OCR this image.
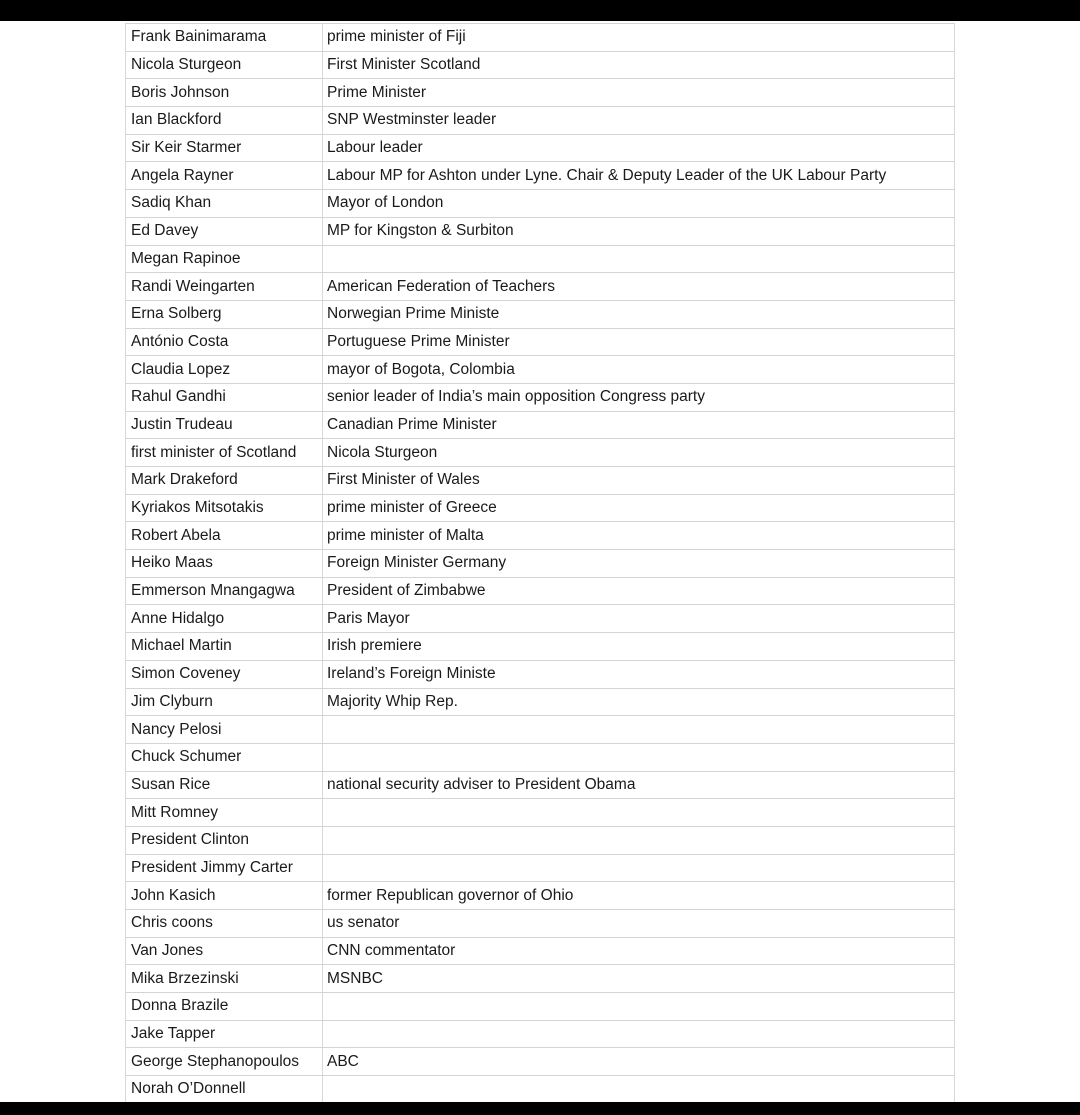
Frank Bainimarama	prime minister of Fiji
Nicola Sturgeon	First Minister Scotland
Boris Johnson	Prime Minister
Ian Blackford	SNP Westminster leader
Sir Keir Starmer	Labour leader
Angela Rayner	Labour MP for Ashton under Lyne. Chair & Deputy Leader of the UK Labour Party
Sadiq Khan	Mayor of London
Ed Davey	MP for Kingston & Surbiton
Megan Rapinoe	
Randi Weingarten	American Federation of Teachers
Erna Solberg	Norwegian Prime Ministe
António Costa	Portuguese Prime Minister
Claudia Lopez	mayor of Bogota, Colombia
Rahul Gandhi	senior leader of India’s main opposition Congress party
Justin Trudeau	Canadian Prime Minister
first minister of Scotland	Nicola Sturgeon
Mark Drakeford	First Minister of Wales
Kyriakos Mitsotakis	prime minister of Greece
Robert Abela	prime minister of Malta
Heiko Maas	Foreign Minister Germany
Emmerson Mnangagwa	President of Zimbabwe
Anne Hidalgo	Paris Mayor
Michael Martin	Irish premiere
Simon Coveney	Ireland’s Foreign Ministe
Jim Clyburn	Majority Whip Rep.
Nancy Pelosi	
Chuck Schumer	
Susan Rice	national security adviser to President Obama
Mitt Romney	
President Clinton	
President Jimmy Carter	
John Kasich	former Republican governor of Ohio
Chris coons	us senator
Van Jones	CNN commentator
Mika Brzezinski	MSNBC
Donna Brazile	
Jake Tapper	
George Stephanopoulos	ABC
Norah O’Donnell	
